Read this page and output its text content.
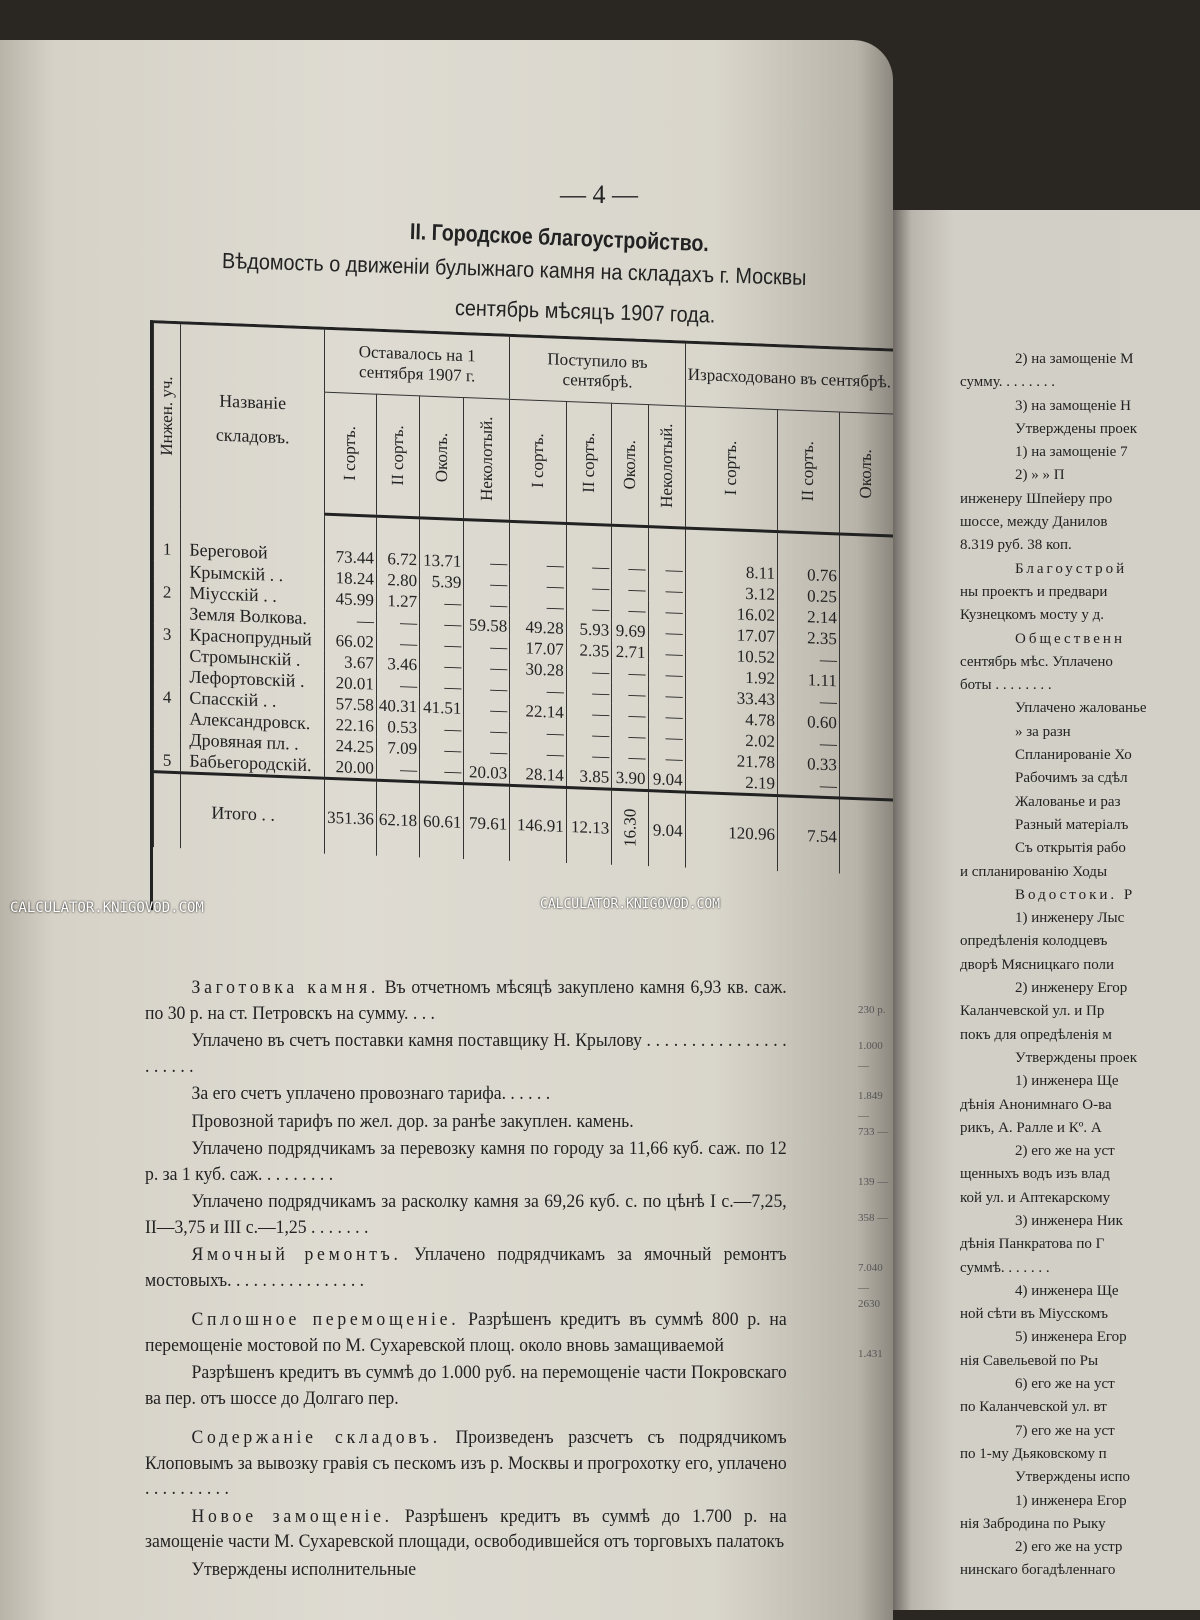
— 4 —
II. Городское благоустройство.
Вѣдомость о движенiи булыжнаго камня на складахъ г. Москвы
сентябрь мѣсяцъ 1907 года.
Инжен. уч.	Названiе складовъ.	Оставалось на 1 сентября 1907 г.				Поступило въ сентябрѣ.				Израсходовано въ сентябрѣ.		

		I сортъ.	II сортъ.	Околъ.	Неколотый.	I сортъ.	II сортъ.	Околъ.	Неколотый.	I сортъ.	II сортъ.	Околъ.

1	Береговой	73.44	6.72	13.71	—	—	—	—	—	8.11	0.76	
	Крымскiй . .	18.24	2.80	5.39	—	—	—	—	—	3.12	0.25	
2	Мiусскiй . .	45.99	1.27	—	—	—	—	—	—	16.02	2.14	
	Земля Волкова.	—	—	—	59.58	49.28	5.93	9.69	—	17.07	2.35	
3	Краснопрудный	66.02	—	—	—	17.07	2.35	2.71	—	10.52	—	
	Стромынскiй .	3.67	3.46	—	—	30.28	—	—	—	1.92	1.11	
	Лефортовскiй .	20.01	—	—	—	—	—	—	—	33.43	—	
4	Спасскiй . .	57.58	40.31	41.51	—	22.14	—	—	—	4.78	0.60	
	Александровск.	22.16	0.53	—	—	—	—	—	—	2.02	—	
	Дровяная пл. .	24.25	7.09	—	—	—	—	—	—	21.78	0.33	
5	Бабьегородскiй.	20.00	—	—	20.03	28.14	3.85	3.90	9.04	2.19	—	
	Итого . .	351.36	62.18	60.61	79.61	146.91	12.13	16.30	9.04	120.96	7.54	

Заготовка камня. Въ отчетномъ мѣсяцѣ закуплено камня 6,93 кв. саж. по 30 р. на ст. Петровскъ на сумму. . . .

Уплачено въ счетъ поставки камня поставщику Н. Крылову . . . . . . . . . . . . . . . . . . . . . .

За его счетъ уплачено провознаго тарифа. . . . . .

Провозной тарифъ по жел. дор. за ранѣе закуплен. камень.

Уплачено подрядчикамъ за перевозку камня по городу за 11,66 куб. саж. по 12 р. за 1 куб. саж. . . . . . . . .

Уплачено подрядчикамъ за расколку камня за 69,26 куб. с. по цѣнѣ I с.—7,25, II—3,75 и III с.—1,25 . . . . . . .

Ямочный ремонтъ. Уплачено подрядчикамъ за ямочный ремонтъ мостовыхъ. . . . . . . . . . . . . . . .

Сплошное перемощенiе. Разрѣшенъ кредитъ въ суммѣ 800 р. на перемощенiе мостовой по М. Сухаревской площ. около вновь замащиваемой

Разрѣшенъ кредитъ въ суммѣ до 1.000 руб. на перемощенiе части Покровскаго ва пер. отъ шоссе до Долгаго пер.

Содержанiе складовъ. Произведенъ разсчетъ съ подрядчикомъ Клоповымъ за вывозку гравiя съ пескомъ изъ р. Москвы и прогрохотку его, уплачено . . . . . . . . . .

Новое замощенiе. Разрѣшенъ кредитъ въ суммѣ до 1.700 р. на замощенiе части М. Сухаревской площади, освободившейся отъ торговыхъ палатокъ

Утверждены исполнительные

230 р.
1.000 —
1.849 —
733 —
139 —
358 —
7.040 —
2630
1.431
2) на замощенiе М
сумму. . . . . . . .
3) на замощенiе Н
Утверждены проек
1) на замощенiе 7
2) » » П
инженеру Шпейеру про
шоссе, между Данилов
8.319 руб. 38 коп.
Благоустрой
ны проектъ и предвари
Кузнецкомъ мосту у д.
Общественн
сентябрь мѣс. Уплачено
боты . . . . . . . .
Уплачено жалованье
» за разн
Спланированiе Хо
Рабочимъ за сдѣл
Жалованье и раз
Разный матерiалъ
Съ открытiя рабо
и спланированiю Ходы
Водостоки. Р
1) инженеру Лыс
опредѣленiя колодцевъ
дворѣ Мясницкаго поли
2) инженеру Егор
Каланчевской ул. и Пр
покъ для опредѣленiя м
Утверждены проек
1) инженера Ще
дѣнiя Анонимнаго О-ва
рикъ, А. Ралле и Кº. А
2) его же на уст
щенныхъ водъ изъ влад
кой ул. и Аптекарскому
3) инженера Ник
дѣнiя Панкратова по Г
суммѣ. . . . . . .
4) инженера Ще
ной сѣти въ Мiусскомъ
5) инженера Егор
нiя Савельевой по Ры
6) его же на уст
по Каланчевской ул. вт
7) его же на уст
по 1-му Дьяковскому п
Утверждены испо
1) инженера Егор
нiя Забродина по Рыку
2) его же на устр
нинскаго богадѣленнаго
CALCULATOR.KNIGOVOD.COM
CALCULATOR.KNIGOVOD.COM
